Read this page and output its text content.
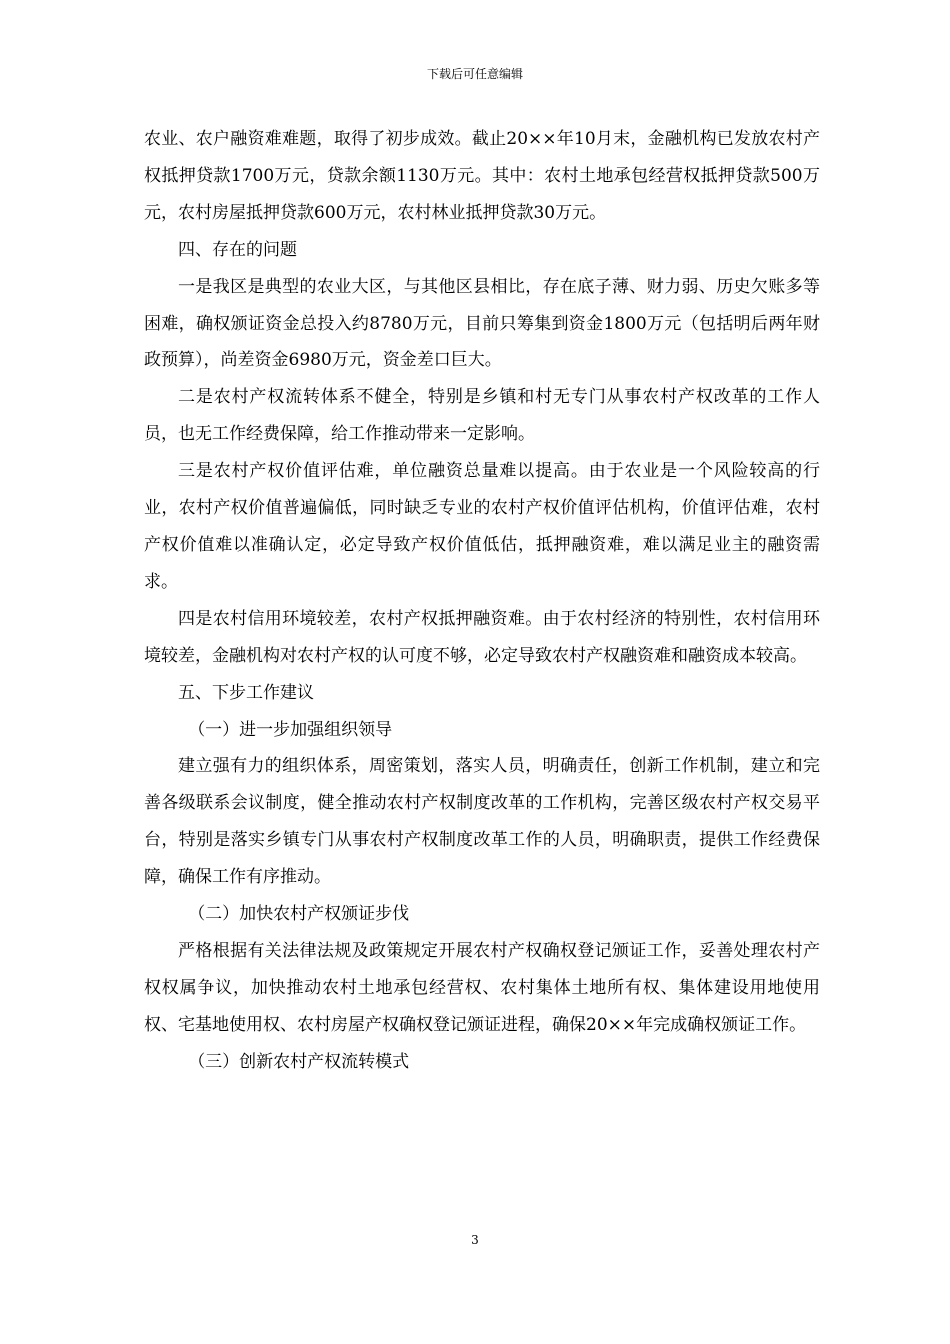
下载后可任意编辑

农业、农户融资难难题，取得了初步成效。截止20××年10月末，金融机构已发放农村产权抵押贷款1700万元，贷款余额1130万元。其中：农村土地承包经营权抵押贷款500万元，农村房屋抵押贷款600万元，农村林业抵押贷款30万元。

四、存在的问题

一是我区是典型的农业大区，与其他区县相比，存在底子薄、财力弱、历史欠账多等困难，确权颁证资金总投入约8780万元，目前只筹集到资金1800万元（包括明后两年财政预算），尚差资金6980万元，资金差口巨大。

二是农村产权流转体系不健全，特别是乡镇和村无专门从事农村产权改革的工作人员，也无工作经费保障，给工作推动带来一定影响。

三是农村产权价值评估难，单位融资总量难以提高。由于农业是一个风险较高的行业，农村产权价值普遍偏低，同时缺乏专业的农村产权价值评估机构，价值评估难，农村产权价值难以准确认定，必定导致产权价值低估，抵押融资难，难以满足业主的融资需求。

四是农村信用环境较差，农村产权抵押融资难。由于农村经济的特别性，农村信用环境较差，金融机构对农村产权的认可度不够，必定导致农村产权融资难和融资成本较高。

五、下步工作建议

（一）进一步加强组织领导

建立强有力的组织体系，周密策划，落实人员，明确责任，创新工作机制，建立和完善各级联系会议制度，健全推动农村产权制度改革的工作机构，完善区级农村产权交易平台，特别是落实乡镇专门从事农村产权制度改革工作的人员，明确职责，提供工作经费保障，确保工作有序推动。

（二）加快农村产权颁证步伐

严格根据有关法律法规及政策规定开展农村产权确权登记颁证工作，妥善处理农村产权权属争议，加快推动农村土地承包经营权、农村集体土地所有权、集体建设用地使用权、宅基地使用权、农村房屋产权确权登记颁证进程，确保20××年完成确权颁证工作。

（三）创新农村产权流转模式

3
